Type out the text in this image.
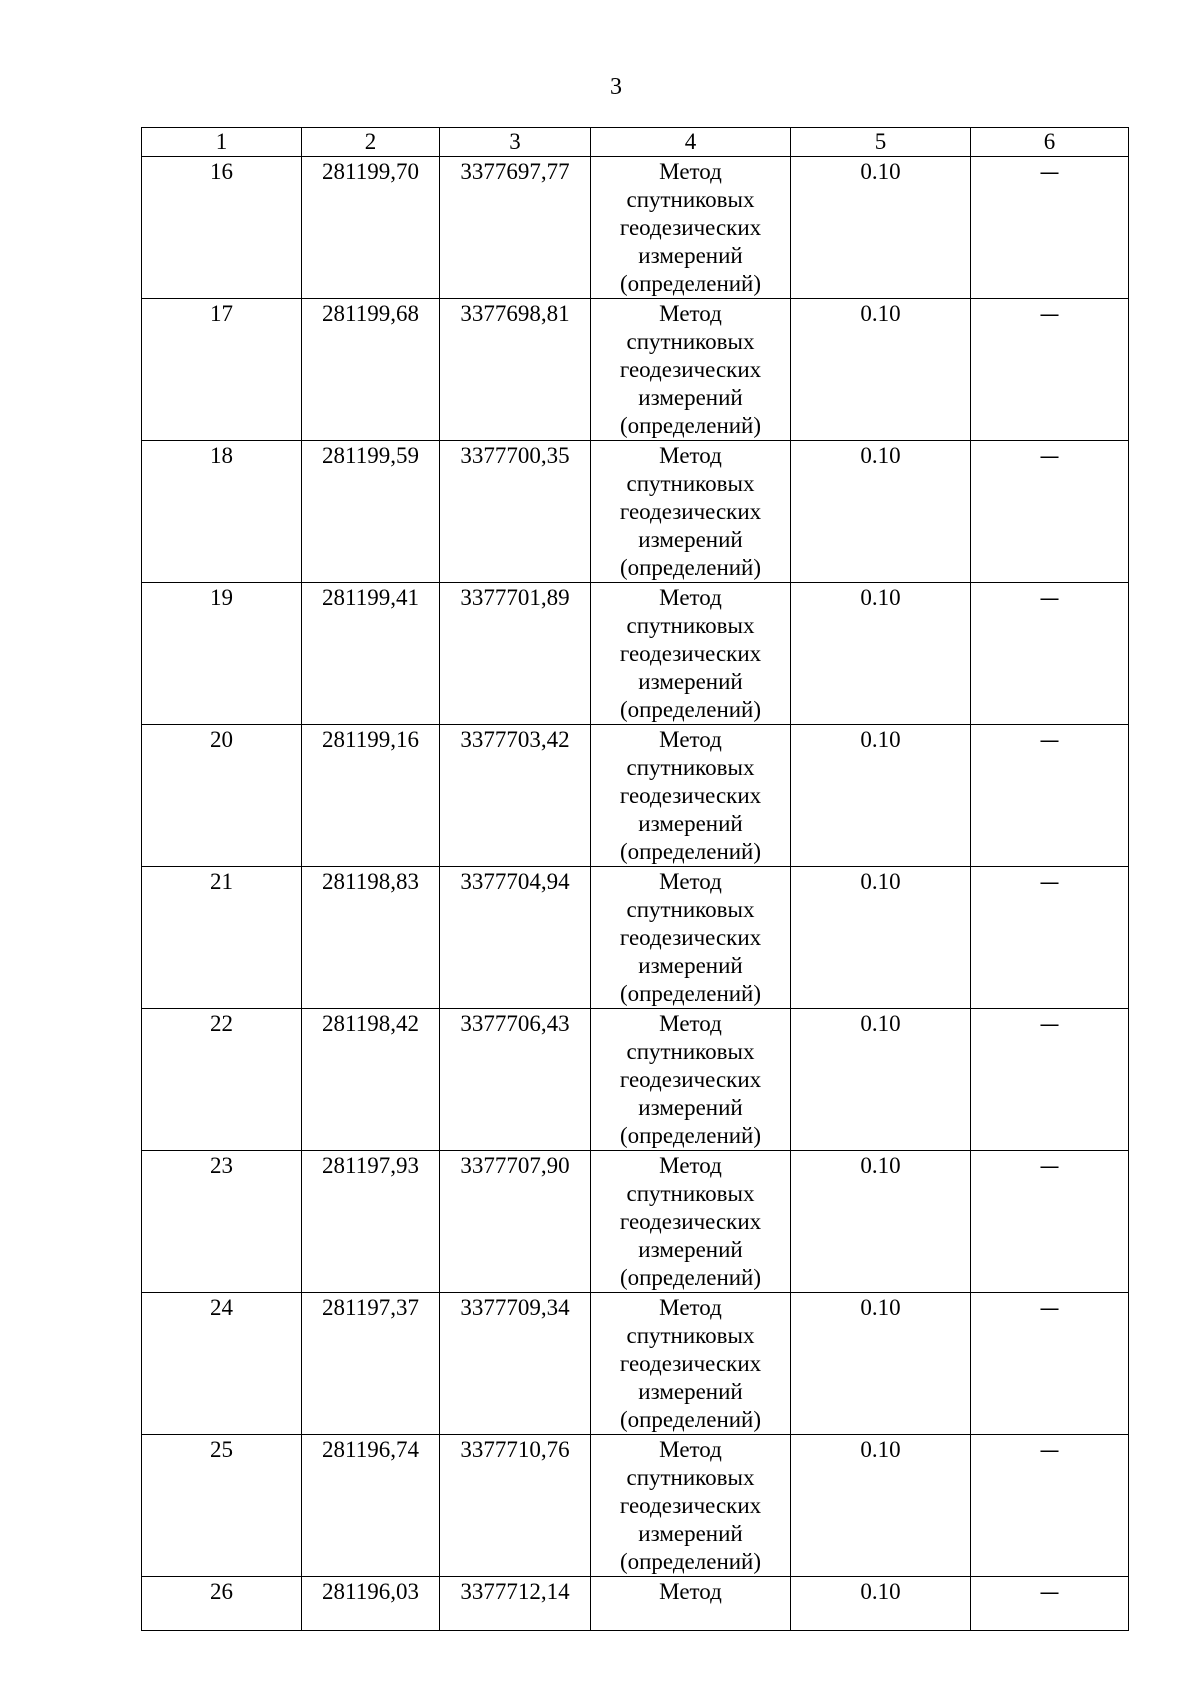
3
1	2	3	4	5	6
16	281199,70	3377697,77	Метод
спутниковых
геодезических
измерений
(определений)	0.10	—
17	281199,68	3377698,81	Метод
спутниковых
геодезических
измерений
(определений)	0.10	—
18	281199,59	3377700,35	Метод
спутниковых
геодезических
измерений
(определений)	0.10	—
19	281199,41	3377701,89	Метод
спутниковых
геодезических
измерений
(определений)	0.10	—
20	281199,16	3377703,42	Метод
спутниковых
геодезических
измерений
(определений)	0.10	—
21	281198,83	3377704,94	Метод
спутниковых
геодезических
измерений
(определений)	0.10	—
22	281198,42	3377706,43	Метод
спутниковых
геодезических
измерений
(определений)	0.10	—
23	281197,93	3377707,90	Метод
спутниковых
геодезических
измерений
(определений)	0.10	—
24	281197,37	3377709,34	Метод
спутниковых
геодезических
измерений
(определений)	0.10	—
25	281196,74	3377710,76	Метод
спутниковых
геодезических
измерений
(определений)	0.10	—
26	281196,03	3377712,14	Метод	0.10	—
